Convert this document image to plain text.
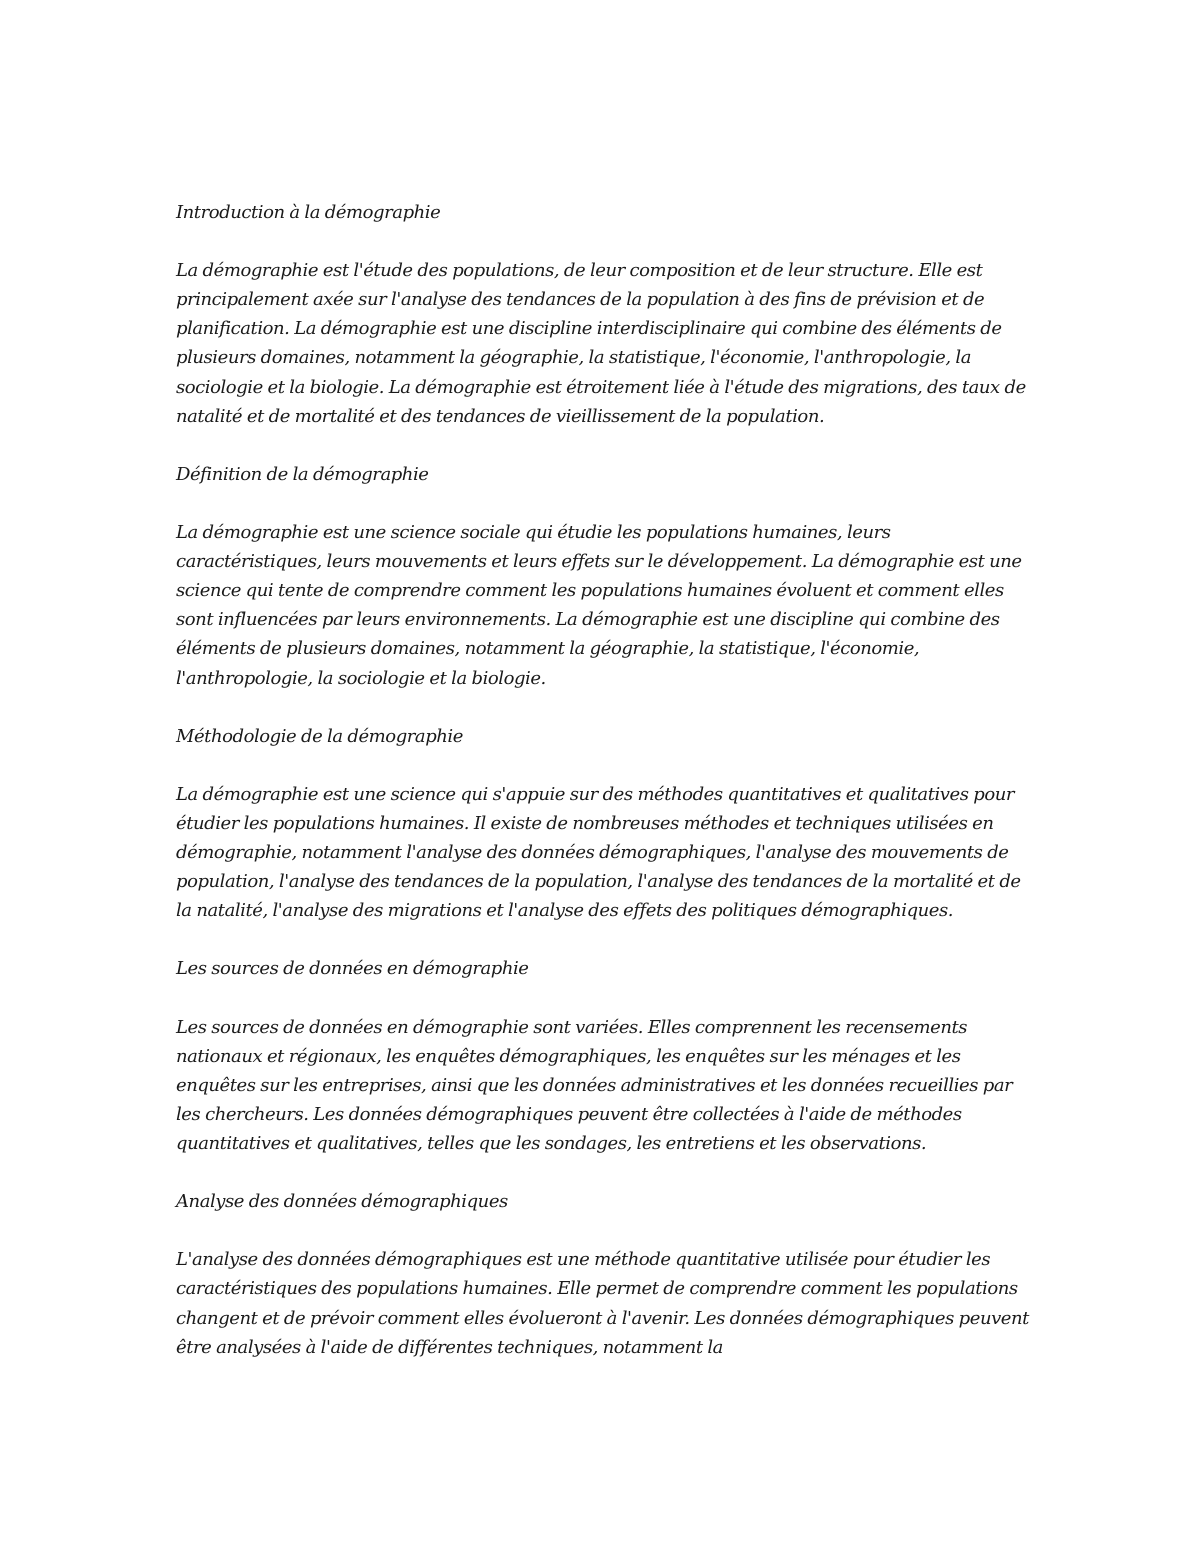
Introduction à la démographie

La démographie est l'étude des populations, de leur composition et de leur structure. Elle est principalement axée sur l'analyse des tendances de la population à des fins de prévision et de planification. La démographie est une discipline interdisciplinaire qui combine des éléments de plusieurs domaines, notamment la géographie, la statistique, l'économie, l'anthropologie, la sociologie et la biologie. La démographie est étroitement liée à l'étude des migrations, des taux de natalité et de mortalité et des tendances de vieillissement de la population.

Définition de la démographie

La démographie est une science sociale qui étudie les populations humaines, leurs caractéristiques, leurs mouvements et leurs effets sur le développement. La démographie est une science qui tente de comprendre comment les populations humaines évoluent et comment elles sont influencées par leurs environnements. La démographie est une discipline qui combine des éléments de plusieurs domaines, notamment la géographie, la statistique, l'économie, l'anthropologie, la sociologie et la biologie.

Méthodologie de la démographie

La démographie est une science qui s'appuie sur des méthodes quantitatives et qualitatives pour étudier les populations humaines. Il existe de nombreuses méthodes et techniques utilisées en démographie, notamment l'analyse des données démographiques, l'analyse des mouvements de population, l'analyse des tendances de la population, l'analyse des tendances de la mortalité et de la natalité, l'analyse des migrations et l'analyse des effets des politiques démographiques.

Les sources de données en démographie

Les sources de données en démographie sont variées. Elles comprennent les recensements nationaux et régionaux, les enquêtes démographiques, les enquêtes sur les ménages et les enquêtes sur les entreprises, ainsi que les données administratives et les données recueillies par les chercheurs. Les données démographiques peuvent être collectées à l'aide de méthodes quantitatives et qualitatives, telles que les sondages, les entretiens et les observations.

Analyse des données démographiques

L'analyse des données démographiques est une méthode quantitative utilisée pour étudier les caractéristiques des populations humaines. Elle permet de comprendre comment les populations changent et de prévoir comment elles évolueront à l'avenir. Les données démographiques peuvent être analysées à l'aide de différentes techniques, notamment la
